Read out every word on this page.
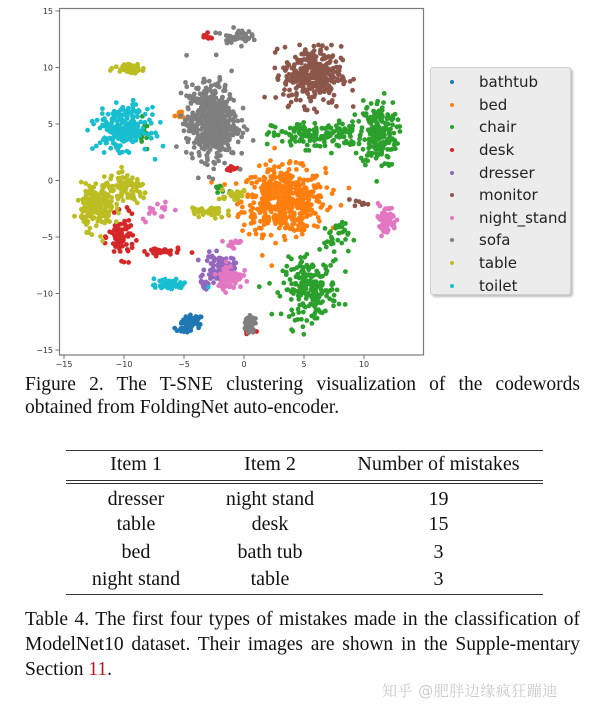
−15	−10	−5	0	5	10
15
10
5
0
−5
−10
−15
bathtub
bed
chair
desk
dresser
monitor
night_stand
sofa
table
toilet
Figure 2. The T-SNE clustering visualization of the codewords obtained from FoldingNet auto-encoder.
Item 1	Item 2	Number of mistakes
dresser	night stand	19
table	desk	15
bed	bath tub	3
night stand	table	3
Table 4. The first four types of mistakes made in the classification of ModelNet10 dataset. Their images are shown in the Supple-mentary Section 11.
知乎 @肥胖边缘疯狂蹦迪
